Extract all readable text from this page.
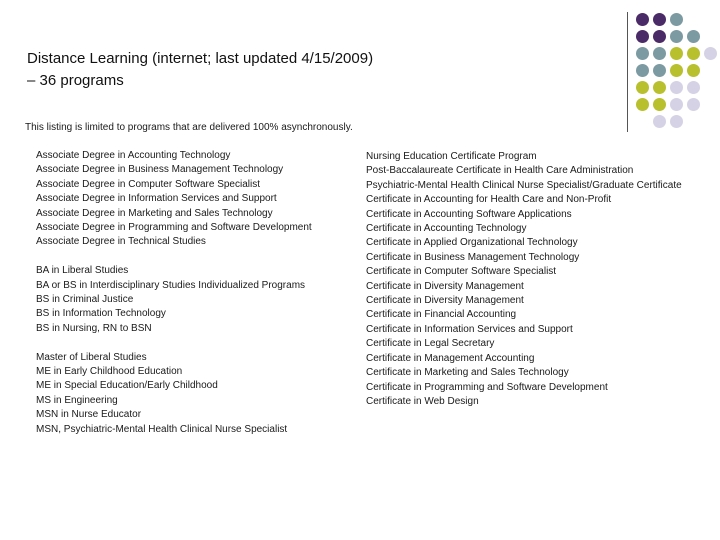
Distance Learning (internet; last updated 4/15/2009)
– 36 programs
This listing is limited to programs that are delivered 100% asynchronously.
Associate Degree in Accounting Technology
Associate Degree in Business Management Technology
Associate Degree in Computer Software Specialist
Associate Degree in Information Services and Support
Associate Degree in Marketing and Sales Technology
Associate Degree in Programming and Software Development
Associate Degree in Technical Studies
BA in Liberal Studies
BA or BS in Interdisciplinary Studies Individualized Programs
BS in Criminal Justice
BS in Information Technology
BS in Nursing, RN to BSN
Master of Liberal Studies
ME in Early Childhood Education
ME in Special Education/Early Childhood
MS in Engineering
MSN in Nurse Educator
MSN, Psychiatric-Mental Health Clinical Nurse Specialist
Nursing Education Certificate Program
Post-Baccalaureate Certificate in Health Care Administration
Psychiatric-Mental Health Clinical Nurse Specialist/Graduate Certificate
Certificate in Accounting for Health Care and Non-Profit
Certificate in Accounting Software Applications
Certificate in Accounting Technology
Certificate in Applied Organizational Technology
Certificate in Business Management Technology
Certificate in Computer Software Specialist
Certificate in Diversity Management
Certificate in Diversity Management
Certificate in Financial Accounting
Certificate in Information Services and Support
Certificate in Legal Secretary
Certificate in Management Accounting
Certificate in Marketing and Sales Technology
Certificate in Programming and Software Development
Certificate in Web Design
